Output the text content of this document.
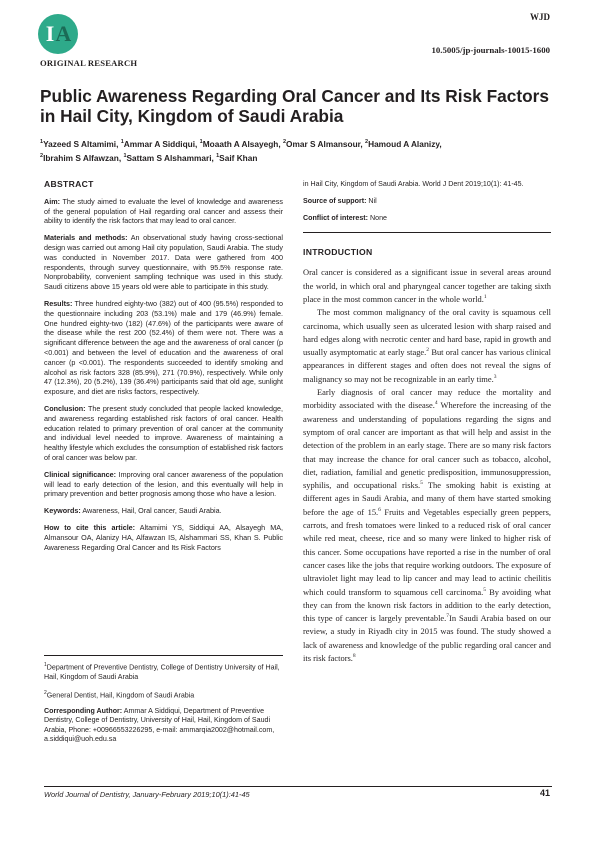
IA
ORIGINAL RESEARCH
WJD
10.5005/jp-journals-10015-1600
Public Awareness Regarding Oral Cancer and Its Risk Factors in Hail City, Kingdom of Saudi Arabia
$^1$Yazeed S Altamimi, $^1$Ammar A Siddiqui, $^1$Moaath A Alsayegh, $^2$Omar S Almansour, $^2$Hamoud A Alanizy,
$^2$Ibrahim S Alfawzan, $^1$Sattam S Alshammari, $^1$Saif Khan
ABSTRACT

Aim: The study aimed to evaluate the level of knowledge and awareness of the general population of Hail regarding oral cancer and assess their ability to identify the risk factors that may lead to oral cancer.

Materials and methods: An observational study having cross-sectional design was carried out among Hail city population, Saudi Arabia. The study was conducted in November 2017. Data were gathered from 400 respondents, through survey questionnaire, with 95.5% response rate. Nonprobability, convenient sampling technique was used in this study. Saudi citizens above 15 years old were able to participate in this study.

Results: Three hundred eighty-two (382) out of 400 (95.5%) responded to the questionnaire including 203 (53.1%) male and 179 (46.9%) female. One hundred eighty-two (182) (47.6%) of the participants were aware of the disease while the rest 200 (52.4%) of them were not. There was a significant difference between the age and the awareness of oral cancer (p <0.001) and between the level of education and the awareness of oral cancer (p <0.001). The respondents succeeded to identify smoking and alcohol as risk factors 328 (85.9%), 271 (70.9%), respectively. While only 47 (12.3%), 20 (5.2%), 139 (36.4%) participants said that old age, sunlight exposure, and diet are risks factors, respectively.

Conclusion: The present study concluded that people lacked knowledge, and awareness regarding established risk factors of oral cancer. Health education related to primary prevention of oral cancer at the community and individual level needed to improve. Awareness of maintaining a healthy lifestyle which excludes the consumption of established risk factors of oral cancer was below par.

Clinical significance: Improving oral cancer awareness of the population will lead to early detection of the lesion, and this eventually will help in primary prevention and better prognosis among those who have a lesion.

Keywords: Awareness, Hail, Oral cancer, Saudi Arabia.

How to cite this article: Altamimi YS, Siddiqui AA, Alsayegh MA, Almansour OA, Alanizy HA, Alfawzan IS, Alshammari SS, Khan S. Public Awareness Regarding Oral Cancer and Its Risk Factors

$^1$Department of Preventive Dentistry, College of Dentistry University of Hail, Hail, Kingdom of Saudi Arabia

$^2$General Dentist, Hail, Kingdom of Saudi Arabia

Corresponding Author: Ammar A Siddiqui, Department of Preventive Dentistry, College of Dentistry, University of Hail, Hail, Kingdom of Saudi Arabia, Phone: +00966553226295, e-mail: ammarqia2002@hotmail.com, a.siddiqui@uoh.edu.sa

in Hail City, Kingdom of Saudi Arabia. World J Dent 2019;10(1): 41-45.

Source of support: Nil

Conflict of interest: None

INTRODUCTION

Oral cancer is considered as a significant issue in several areas around the world, in which oral and pharyngeal cancer together are taking sixth place in the most common cancer in the whole world.$^1$

The most common malignancy of the oral cavity is squamous cell carcinoma, which usually seen as ulcerated lesion with sharp raised and hard edges along with necrotic center and hard base, rapid in growth and usually asymptomatic at early stage.$^2$ But oral cancer has various clinical appearances in different stages and often does not reveal the signs of malignancy so may not be recognizable in an early time.$^3$

Early diagnosis of oral cancer may reduce the mortality and morbidity associated with the disease.$^4$ Wherefore the increasing of the awareness and understanding of populations regarding the signs and symptom of oral cancer are important as that will help and assist in the detection of the problem in an early stage. There are so many risk factors that may increase the chance for oral cancer such as tobacco, alcohol, diet, radiation, familial and genetic predisposition, immunosuppression, syphilis, and occupational risks.$^5$ The smoking habit is existing at different ages in Saudi Arabia, and many of them have started smoking before the age of 15.$^6$ Fruits and Vegetables especially green peppers, carrots, and fresh tomatoes were linked to a reduced risk of oral cancer while red meat, cheese, rice and so many were linked to higher risk of this cancer. Some occupations have reported a rise in the number of oral cancer cases like the jobs that require working outdoors. The exposure of ultraviolet light may lead to lip cancer and may lead to actinic cheilitis which could transform to squamous cell carcinoma.$^5$ By avoiding what they can from the known risk factors in addition to the early detection, this type of cancer is largely preventable.$^7$In Saudi Arabia based on our review, a study in Riyadh city in 2015 was found. The study showed a lack of awareness and knowledge of the public regarding oral cancer and its risk factors.$^8$

World Journal of Dentistry, January-February 2019;10(1):41-45	41
